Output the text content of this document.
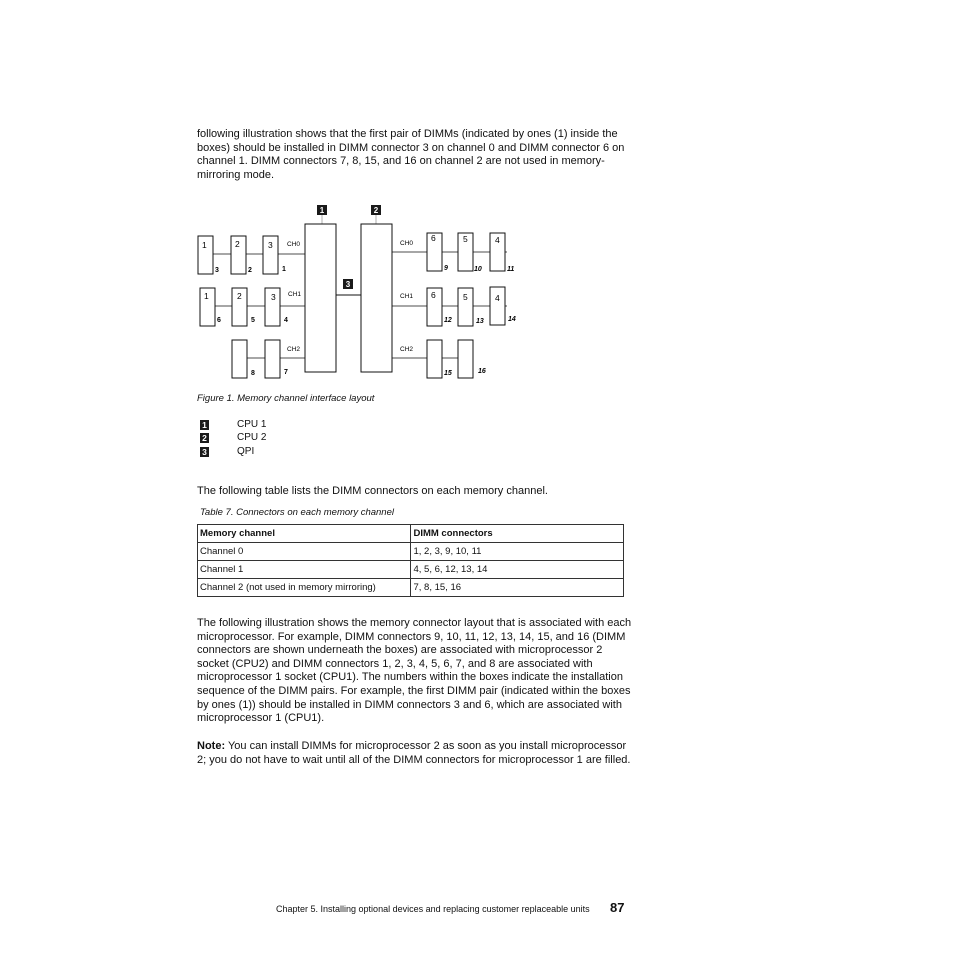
following illustration shows that the first pair of DIMMs (indicated by ones (1) inside the boxes) should be installed in DIMM connector 3 on channel 0 and DIMM connector 6 on channel 1. DIMM connectors 7, 8, 15, and 16 on channel 2 are not used in memory-mirroring mode.
1	2
3
1	2	3
3	2	1
CH0
1	2	3
6	5	4
CH1
8	7
CH2
6	5	4
9	10	11
CH0
6	5	4
12	13	14
CH1
15	16
CH2
Figure 1. Memory channel interface layout
1	CPU 1
2	CPU 2
3	QPI
The following table lists the DIMM connectors on each memory channel.
Table 7. Connectors on each memory channel
Memory channel	DIMM connectors
Channel 0	1, 2, 3, 9, 10, 11
Channel 1	4, 5, 6, 12, 13, 14
Channel 2 (not used in memory mirroring)	7, 8, 15, 16
The following illustration shows the memory connector layout that is associated with each microprocessor. For example, DIMM connectors 9, 10, 11, 12, 13, 14, 15, and 16 (DIMM connectors are shown underneath the boxes) are associated with microprocessor 2 socket (CPU2) and DIMM connectors 1, 2, 3, 4, 5, 6, 7, and 8 are associated with microprocessor 1 socket (CPU1). The numbers within the boxes indicate the installation sequence of the DIMM pairs. For example, the first DIMM pair (indicated within the boxes by ones (1)) should be installed in DIMM connectors 3 and 6, which are associated with microprocessor 1 (CPU1).
Note: You can install DIMMs for microprocessor 2 as soon as you install microprocessor 2; you do not have to wait until all of the DIMM connectors for microprocessor 1 are filled.
Chapter 5. Installing optional devices and replacing customer replaceable units 87
